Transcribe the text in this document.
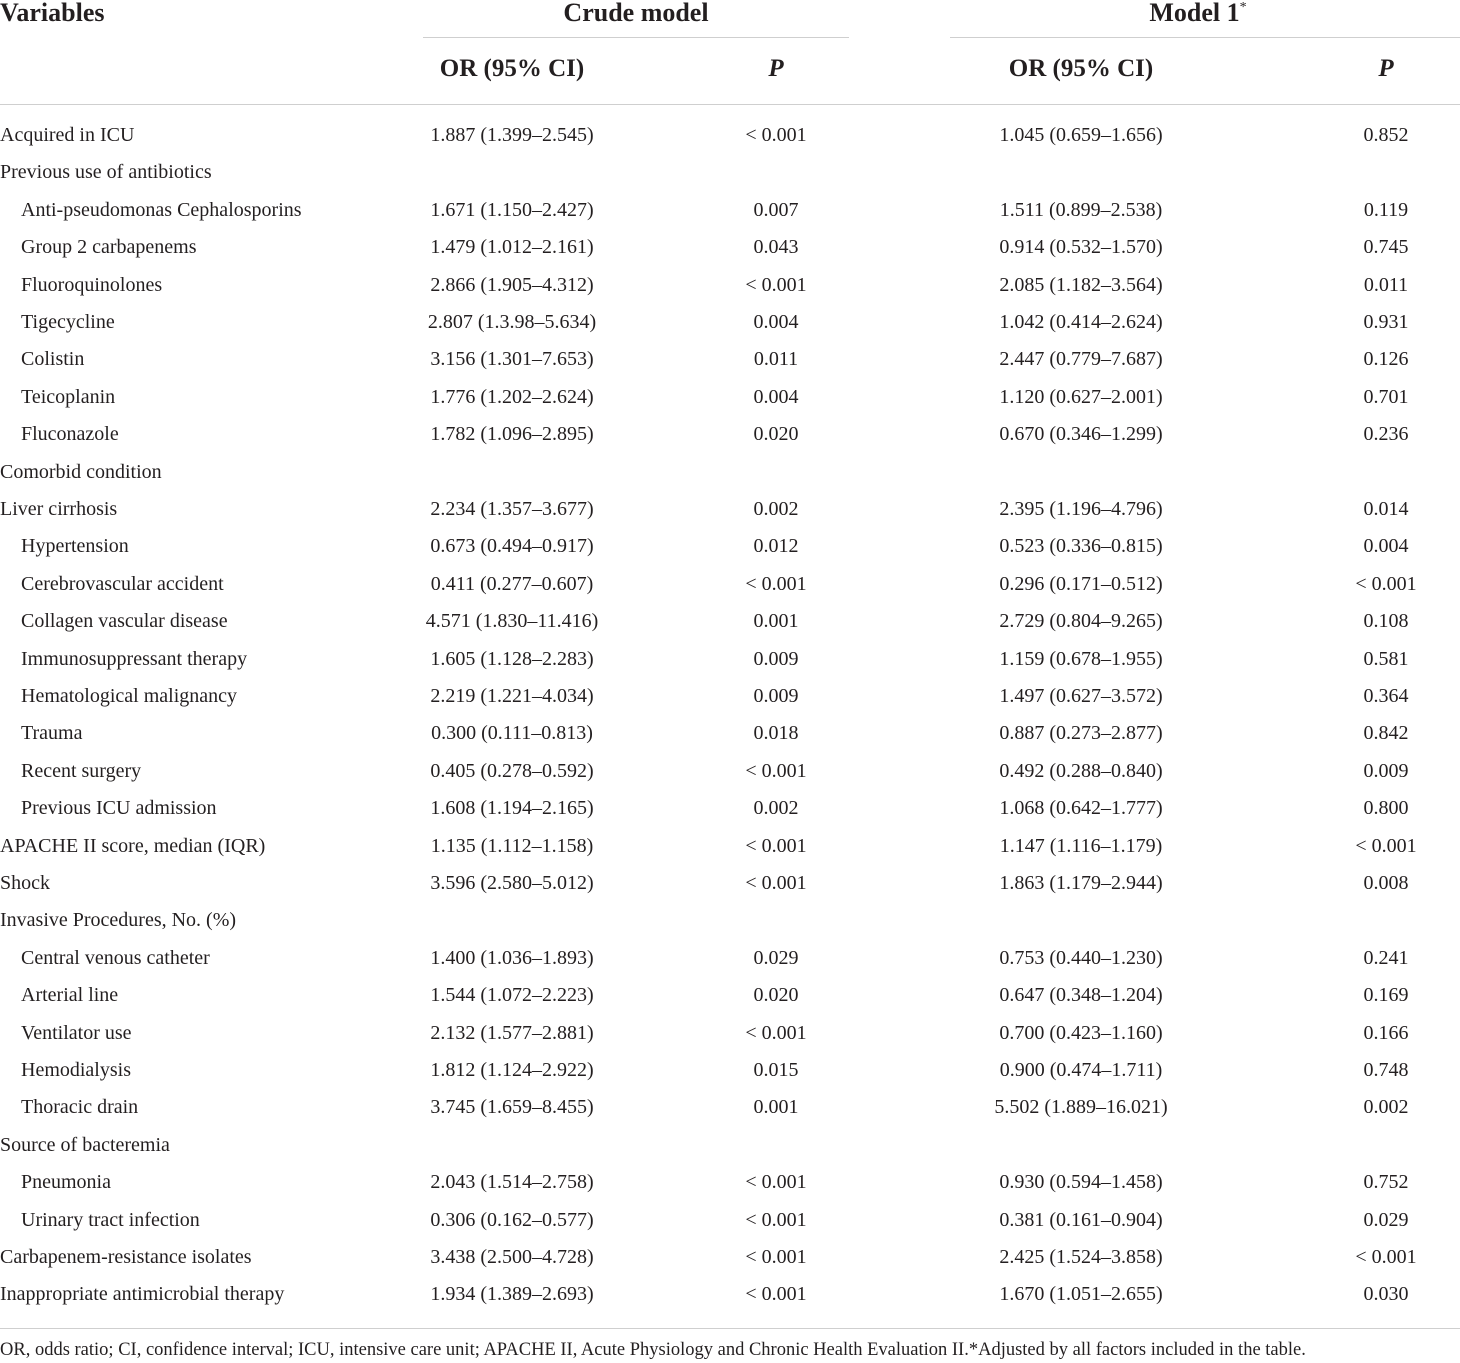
Variables	Crude model	Model 1*
OR (95% CI)	P	OR (95% CI)	P
Acquired in ICU	1.887 (1.399–2.545)	< 0.001	1.045 (0.659–1.656)	0.852
Previous use of antibiotics
Anti-pseudomonas Cephalosporins	1.671 (1.150–2.427)	0.007	1.511 (0.899–2.538)	0.119
Group 2 carbapenems	1.479 (1.012–2.161)	0.043	0.914 (0.532–1.570)	0.745
Fluoroquinolones	2.866 (1.905–4.312)	< 0.001	2.085 (1.182–3.564)	0.011
Tigecycline	2.807 (1.3.98–5.634)	0.004	1.042 (0.414–2.624)	0.931
Colistin	3.156 (1.301–7.653)	0.011	2.447 (0.779–7.687)	0.126
Teicoplanin	1.776 (1.202–2.624)	0.004	1.120 (0.627–2.001)	0.701
Fluconazole	1.782 (1.096–2.895)	0.020	0.670 (0.346–1.299)	0.236
Comorbid condition
Liver cirrhosis	2.234 (1.357–3.677)	0.002	2.395 (1.196–4.796)	0.014
Hypertension	0.673 (0.494–0.917)	0.012	0.523 (0.336–0.815)	0.004
Cerebrovascular accident	0.411 (0.277–0.607)	< 0.001	0.296 (0.171–0.512)	< 0.001
Collagen vascular disease	4.571 (1.830–11.416)	0.001	2.729 (0.804–9.265)	0.108
Immunosuppressant therapy	1.605 (1.128–2.283)	0.009	1.159 (0.678–1.955)	0.581
Hematological malignancy	2.219 (1.221–4.034)	0.009	1.497 (0.627–3.572)	0.364
Trauma	0.300 (0.111–0.813)	0.018	0.887 (0.273–2.877)	0.842
Recent surgery	0.405 (0.278–0.592)	< 0.001	0.492 (0.288–0.840)	0.009
Previous ICU admission	1.608 (1.194–2.165)	0.002	1.068 (0.642–1.777)	0.800
APACHE II score, median (IQR)	1.135 (1.112–1.158)	< 0.001	1.147 (1.116–1.179)	< 0.001
Shock	3.596 (2.580–5.012)	< 0.001	1.863 (1.179–2.944)	0.008
Invasive Procedures, No. (%)
Central venous catheter	1.400 (1.036–1.893)	0.029	0.753 (0.440–1.230)	0.241
Arterial line	1.544 (1.072–2.223)	0.020	0.647 (0.348–1.204)	0.169
Ventilator use	2.132 (1.577–2.881)	< 0.001	0.700 (0.423–1.160)	0.166
Hemodialysis	1.812 (1.124–2.922)	0.015	0.900 (0.474–1.711)	0.748
Thoracic drain	3.745 (1.659–8.455)	0.001	5.502 (1.889–16.021)	0.002
Source of bacteremia
Pneumonia	2.043 (1.514–2.758)	< 0.001	0.930 (0.594–1.458)	0.752
Urinary tract infection	0.306 (0.162–0.577)	< 0.001	0.381 (0.161–0.904)	0.029
Carbapenem-resistance isolates	3.438 (2.500–4.728)	< 0.001	2.425 (1.524–3.858)	< 0.001
Inappropriate antimicrobial therapy	1.934 (1.389–2.693)	< 0.001	1.670 (1.051–2.655)	0.030
OR, odds ratio; CI, confidence interval; ICU, intensive care unit; APACHE II, Acute Physiology and Chronic Health Evaluation II.*Adjusted by all factors included in the table.
